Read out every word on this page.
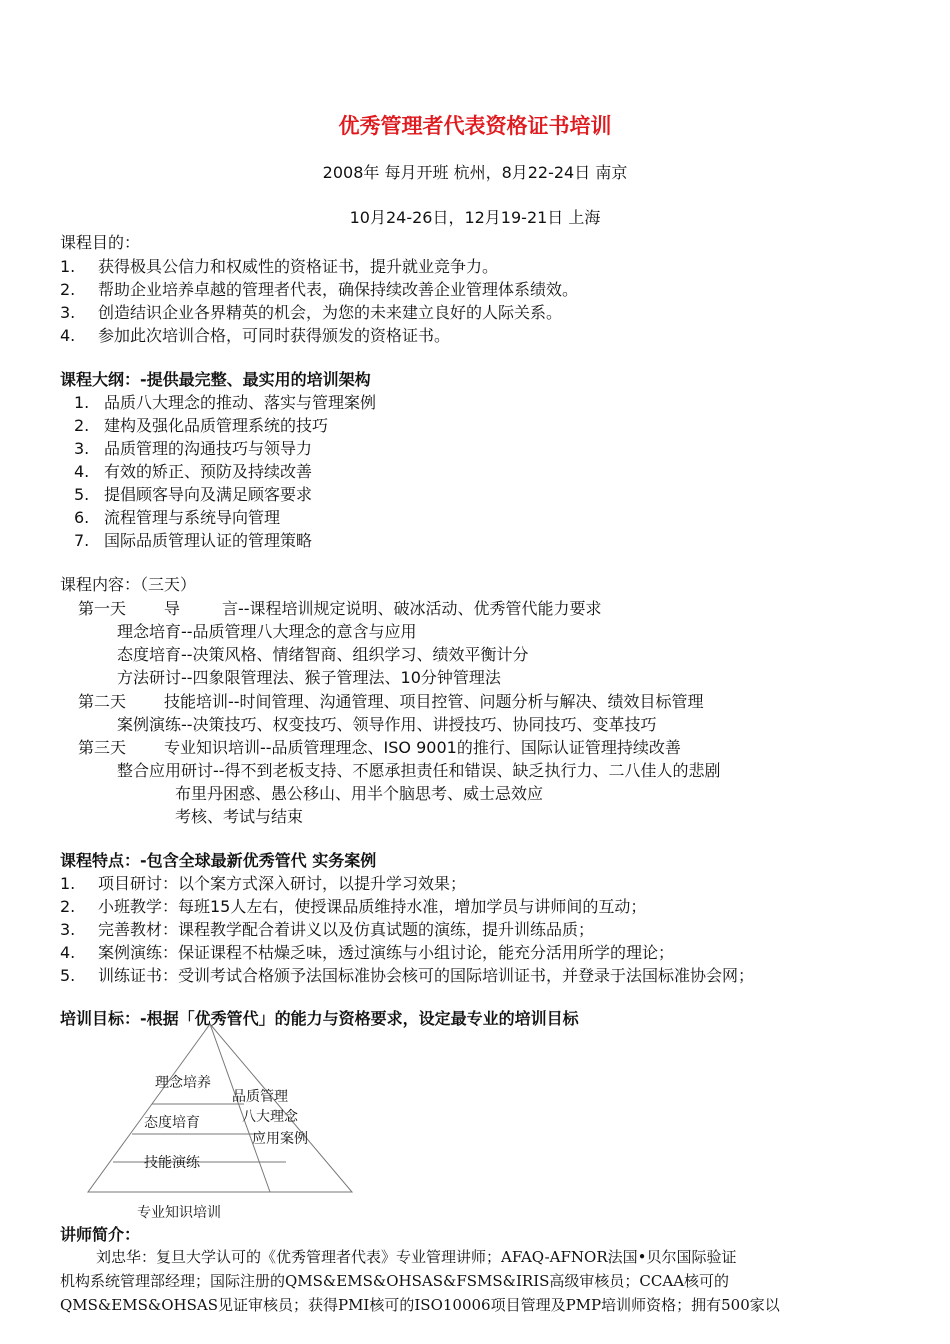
优秀管理者代表资格证书培训
2008年 每月开班 杭州，8月22-24日 南京
10月24-26日，12月19-21日 上海
课程目的：
1. 获得极具公信力和权威性的资格证书，提升就业竞争力。
2. 帮助企业培养卓越的管理者代表，确保持续改善企业管理体系绩效。
3. 创造结识企业各界精英的机会，为您的未来建立良好的人际关系。
4. 参加此次培训合格，可同时获得颁发的资格证书。
课程大纲：-提供最完整、最实用的培训架构
1. 品质八大理念的推动、落实与管理案例
2. 建构及强化品质管理系统的技巧
3. 品质管理的沟通技巧与领导力
4. 有效的矫正、预防及持续改善
5. 提倡顾客导向及满足顾客要求
6. 流程管理与系统导向管理
7. 国际品质管理认证的管理策略
课程内容：（三天）
第一天 导	言--课程培训规定说明、破冰活动、优秀管代能力要求
理念培育--品质管理八大理念的意含与应用
态度培育--决策风格、情绪智商、组织学习、绩效平衡计分
方法研讨--四象限管理法、猴子管理法、10分钟管理法
第二天 技能培训--时间管理、沟通管理、项目控管、问题分析与解决、绩效目标管理
案例演练--决策技巧、权变技巧、领导作用、讲授技巧、协同技巧、变革技巧
第三天 专业知识培训--品质管理理念、ISO 9001的推行、国际认证管理持续改善
整合应用研讨--得不到老板支持、不愿承担责任和错误、缺乏执行力、二八佳人的悲剧
布里丹困惑、愚公移山、用半个脑思考、威士忌效应
考核、考试与结束
课程特点：-包含全球最新优秀管代 实务案例
1. 项目研讨：以个案方式深入研讨，以提升学习效果；
2. 小班教学：每班15人左右，使授课品质维持水准，增加学员与讲师间的互动；
3. 完善教材：课程教学配合着讲义以及仿真试题的演练，提升训练品质；
4. 案例演练：保证课程不枯燥乏味，透过演练与小组讨论，能充分活用所学的理论；
5. 训练证书：受训考试合格颁予法国标准协会核可的国际培训证书，并登录于法国标准协会网；
培训目标：-根据「优秀管代」的能力与资格要求，设定最专业的培训目标
理念培养
态度培育
技能演练
专业知识培训
品质管理
八大理念
应用案例
讲师简介：
刘忠华：复旦大学认可的《优秀管理者代表》专业管理讲师；AFAQ-AFNOR法国•贝尔国际验证
机构系统管理部经理；国际注册的QMS&EMS&OHSAS&FSMS&IRIS高级审核员；CCAA核可的
QMS&EMS&OHSAS见证审核员；获得PMI核可的ISO10006项目管理及PMP培训师资格；拥有500家以
